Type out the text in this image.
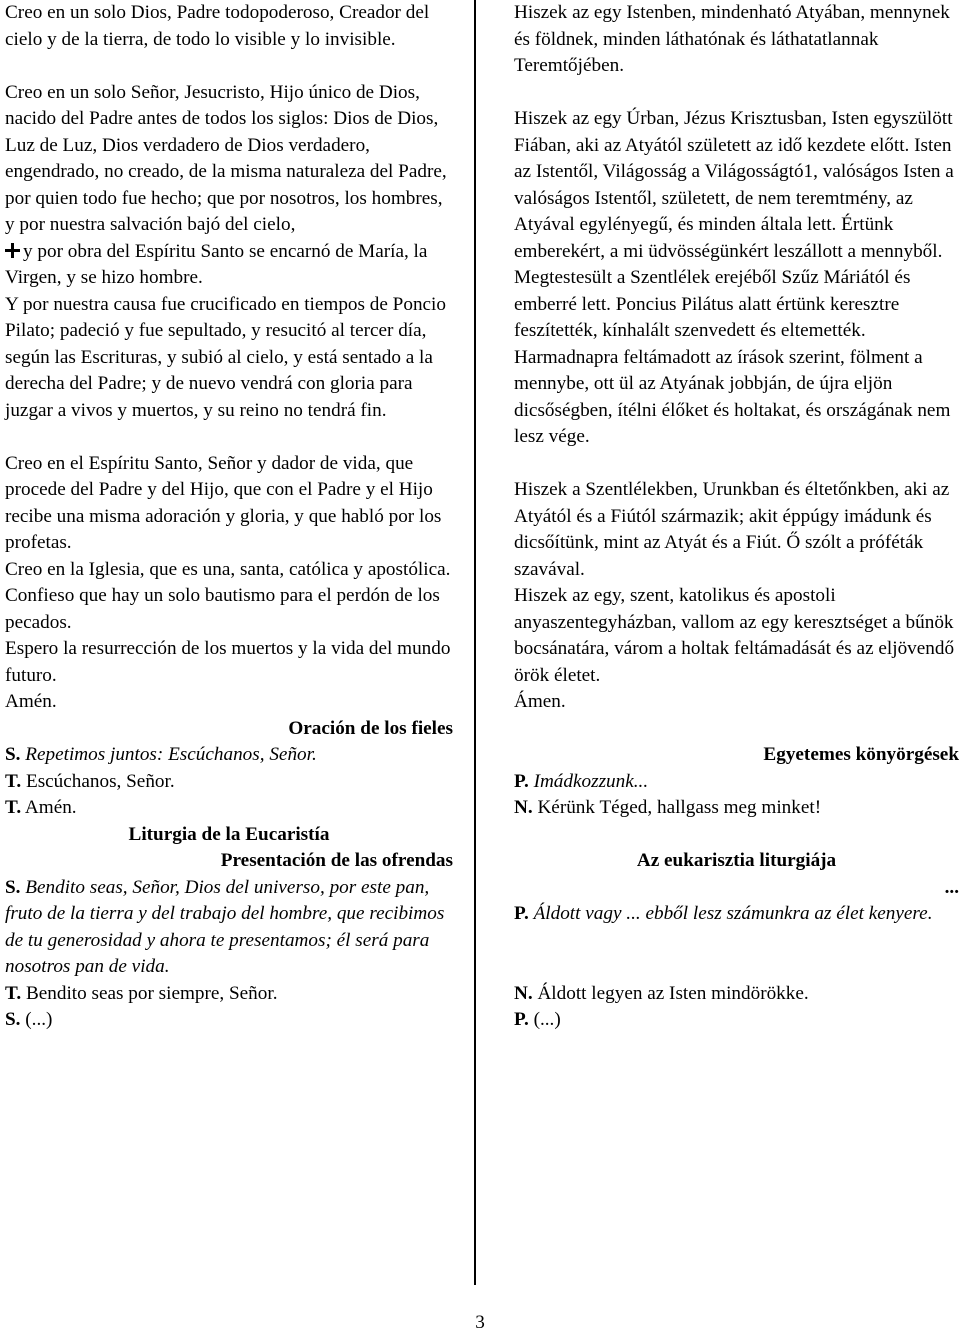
Creo en un solo Dios, Padre todopoderoso, Creador del cielo y de la tierra, de todo lo visible y lo invisible.

Creo en un solo Señor, Jesucristo, Hijo único de Dios, nacido del Padre antes de todos los siglos: Dios de Dios, Luz de Luz, Dios verdadero de Dios verdadero, engendrado, no creado, de la misma naturaleza del Padre, por quien todo fue hecho; que por nosotros, los hombres, y por nuestra salvación bajó del cielo,

y por obra del Espíritu Santo se encarnó de María, la Virgen, y se hizo hombre.

Y por nuestra causa fue crucificado en tiempos de Poncio Pilato; padeció y fue sepultado, y resucitó al tercer día, según las Escrituras, y subió al cielo, y está sentado a la derecha del Padre; y de nuevo vendrá con gloria para juzgar a vivos y muertos, y su reino no tendrá fin.

Creo en el Espíritu Santo, Señor y dador de vida, que procede del Padre y del Hijo, que con el Padre y el Hijo recibe una misma adoración y gloria, y que habló por los profetas.

Creo en la Iglesia, que es una, santa, católica y apostólica.

Confieso que hay un solo bautismo para el perdón de los pecados.

Espero la resurrección de los muertos y la vida del mundo futuro.

Amén.

Oración de los fieles

S. Repetimos juntos: Escúchanos, Señor.

T. Escúchanos, Señor.

T. Amén.

Liturgia de la Eucaristía

Presentación de las ofrendas

S. Bendito seas, Señor, Dios del universo, por este pan, fruto de la tierra y del trabajo del hombre, que recibimos de tu generosidad y ahora te presentamos; él será para nosotros pan de vida.

T. Bendito seas por siempre, Señor.

S. (...)

Hiszek az egy Istenben, mindenható Atyában, mennynek és földnek, minden láthatónak és láthatatlannak Teremtőjében.

Hiszek az egy Úrban, Jézus Krisztusban, Isten egyszülött Fiában, aki az Atyától született az idő kezdete előtt. Isten az Istentől, Világosság a Világosságtó1, valóságos Isten a valóságos Istentől, született, de nem teremtmény, az Atyával egylényegű, és minden általa lett. Értünk emberekért, a mi üdvösségünkért leszállott a mennyből. Megtestesült a Szentlélek erejéből Szűz Máriától és emberré lett. Poncius Pilátus alatt értünk keresztre feszítették, kínhalált szenvedett és eltemették. Harmadnapra feltámadott az írások szerint, fölment a mennybe, ott ül az Atyának jobbján, de újra eljön dicsőségben, ítélni élőket és holtakat, és országának nem lesz vége.

Hiszek a Szentlélekben, Urunkban és éltetőnkben, aki az Atyától és a Fiútól származik; akit éppúgy imádunk és dicsőítünk, mint az Atyát és a Fiút. Ő szólt a próféták szavával.

Hiszek az egy, szent, katolikus és apostoli anyaszentegyházban, vallom az egy keresztséget a bűnök bocsánatára, várom a holtak feltámadását és az eljövendő örök életet.

Ámen.

Egyetemes könyörgések

P. Imádkozzunk...

N. Kérünk Téged, hallgass meg minket!

Az eukarisztia liturgiája

...

P. Áldott vagy ... ebből lesz számunkra az élet kenyere.

N. Áldott legyen az Isten mindörökke.

P. (...)

3
